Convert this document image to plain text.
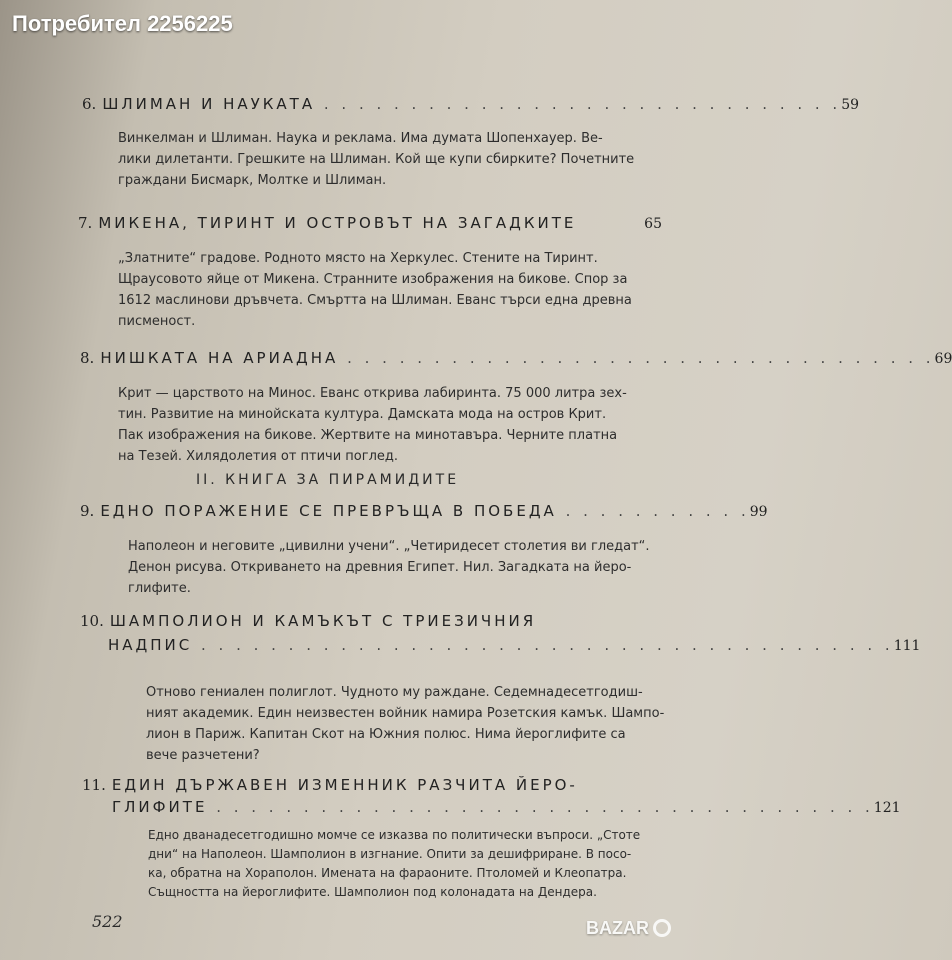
Потребител 2256225
6. ШЛИМАН И НАУКАТА . . . . . . . . . . . . . . . . . . . . . . . . . . . . . . 59
Винкелман и Шлиман. Наука и реклама. Има думата Шопенхауер. Ве-
лики дилетанти. Грешките на Шлиман. Кой ще купи сбирките? Почетните
граждани Бисмарк, Молтке и Шлиман.
7. МИКЕНА, ТИРИНТ И ОСТРОВЪТ НА ЗАГАДКИТЕ	65
„Златните“ градове. Родното място на Херкулес. Стените на Тиринт.
Щраусовото яйце от Микена. Странните изображения на бикове. Спор за
1612 маслинови дръвчета. Смъртта на Шлиман. Еванс търси една древна
писменост.
8. НИШКАТА НА АРИАДНА . . . . . . . . . . . . . . . . . . . . . . . . . . . . . . . . . . 69
Крит — царството на Минос. Еванс открива лабиринта. 75 000 литра зех-
тин. Развитие на минойската култура. Дамската мода на остров Крит.
Пак изображения на бикове. Жертвите на минотавъра. Черните платна
на Тезей. Хилядолетия от птичи поглед.
II. КНИГА ЗА ПИРАМИДИТЕ
9. ЕДНО ПОРАЖЕНИЕ СЕ ПРЕВРЪЩА В ПОБЕДА . . . . . . . . . . . 99
Наполеон и неговите „цивилни учени“. „Четиридесет столетия ви гледат“.
Денон рисува. Откриването на древния Египет. Нил. Загадката на йеро-
глифите.
10. ШАМПОЛИОН И КАМЪКЪТ С ТРИЕЗИЧНИЯ
НАДПИС . . . . . . . . . . . . . . . . . . . . . . . . . . . . . . . . . . . . . . . . 111
Отново гениален полиглот. Чудното му раждане. Седемнадесетгодиш-
ният академик. Един неизвестен войник намира Розетския камък. Шампо-
лион в Париж. Капитан Скот на Южния полюс. Нима йероглифите са
вече разчетени?
11. ЕДИН ДЪРЖАВЕН ИЗМЕННИК РАЗЧИТА ЙЕРО-
ГЛИФИТЕ . . . . . . . . . . . . . . . . . . . . . . . . . . . . . . . . . . . . . . 121
Едно дванадесетгодишно момче се изказва по политически въпроси. „Стоте
дни“ на Наполеон. Шамполион в изгнание. Опити за дешифриране. В посо-
ка, обратна на Хораполон. Имената на фараоните. Птоломей и Клеопатра.
Същността на йероглифите. Шамполион под колонадата на Дендера.
522	BAZAR
